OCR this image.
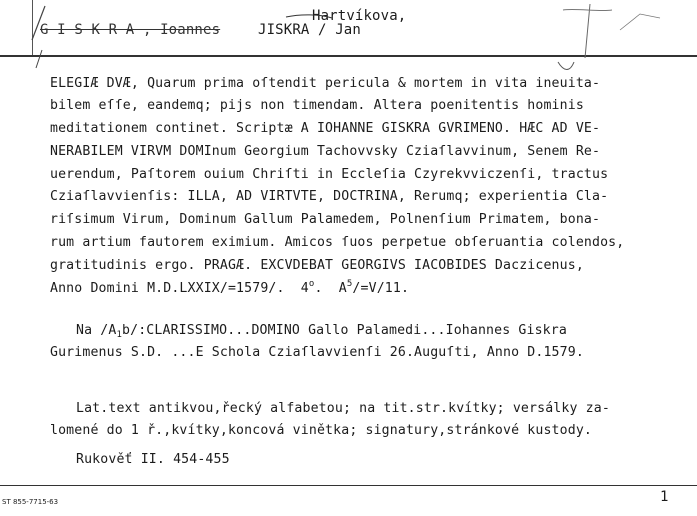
G I S K R A , Ioannes
Hartvíkova,
JISKRA / Jan
ELEGIÆ DVÆ, Quarum prima oſtendit pericula & mortem in vita ineuita-
bilem eſſe, eandemq; pijs non timendam. Altera poenitentis hominis
meditationem continet. Scriptæ A IOHANNE GISKRA GVRIMENO. HÆC AD VE-
NERABILEM VIRVM DOMInum Georgium Tachovvsky Cziaſlavvinum, Senem Re-
uerendum, Paſtorem ouium Chriſti in Eccleſia Czyrekvviczenſi, tractus
Cziaſlavvienſis: ILLA, AD VIRTVTE, DOCTRINA, Rerumq; experientia Cla-
riſsimum Virum, Dominum Gallum Palamedem, Polnenſium Primatem, bona-
rum artium fautorem eximium. Amicos ſuos perpetue obſeruantia colendos,
gratitudinis ergo. PRAGÆ. EXCVDEBAT GEORGIVS IACOBIDES Daczicenus,
Anno Domini M.D.LXXIX/=1579/. 4$^o$.  $A^5/=V/11$.
Na $/A_1b/:CLARISSIMO...DOMINO$ Gallo Palamedi...Iohannes Giskra
Gurimenus S.D. ...E Schola Cziaſlavvienſi 26.Auguſti, Anno D.1579.
Lat.text antikvou,řecký alfabetou; na tit.str.kvítky; versálky za-
lomené do 1 ř.,kvítky,koncová vinětka; signatury,stránkové kustody.
Rukověť II. 454-455
ST 855-7715-63	1
